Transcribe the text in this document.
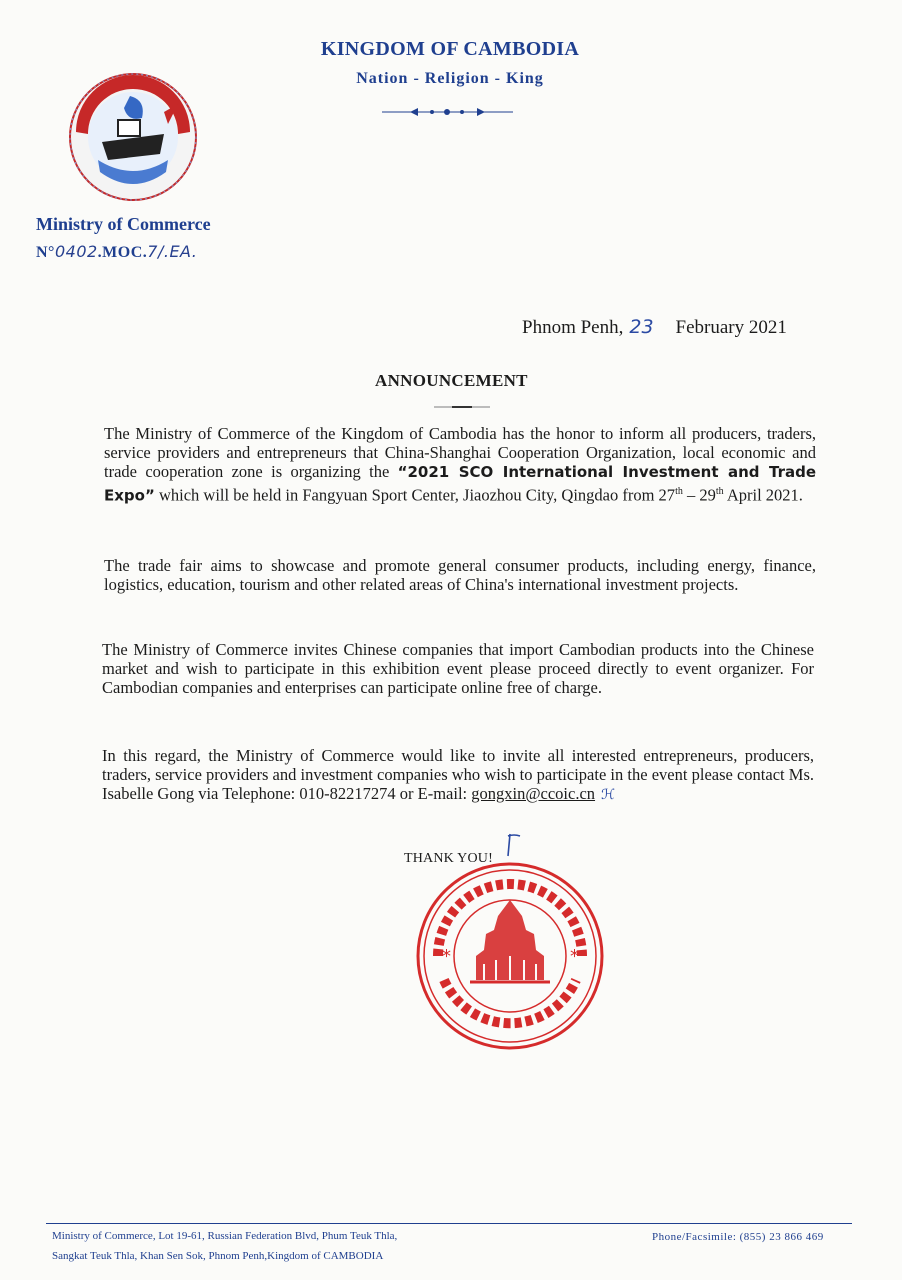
KINGDOM OF CAMBODIA
Nation - Religion - King
Ministry of Commerce
N°0402.MOC.7/.EA.
Phnom Penh, 23 February 2021
ANNOUNCEMENT
The Ministry of Commerce of the Kingdom of Cambodia has the honor to inform all producers, traders, service providers and entrepreneurs that China-Shanghai Cooperation Organization, local economic and trade cooperation zone is organizing the “2021 SCO International Investment and Trade Expo” which will be held in Fangyuan Sport Center, Jiaozhou City, Qingdao from 27th – 29th April 2021.
The trade fair aims to showcase and promote general consumer products, including energy, finance, logistics, education, tourism and other related areas of China's international investment projects.
The Ministry of Commerce invites Chinese companies that import Cambodian products into the Chinese market and wish to participate in this exhibition event please proceed directly to event organizer. For Cambodian companies and enterprises can participate online free of charge.
In this regard, the Ministry of Commerce would like to invite all interested entrepreneurs, producers, traders, service providers and investment companies who wish to participate in the event please contact Ms. Isabelle Gong via Telephone: 010-82217274 or E-mail: gongxin@ccoic.cn ℋ
THANK YOU!
*	*
Ministry of Commerce, Lot 19-61, Russian Federation Blvd, Phum Teuk Thla,
Sangkat Teuk Thla, Khan Sen Sok, Phnom Penh,Kingdom of CAMBODIA
Phone/Facsimile: (855) 23 866 469
